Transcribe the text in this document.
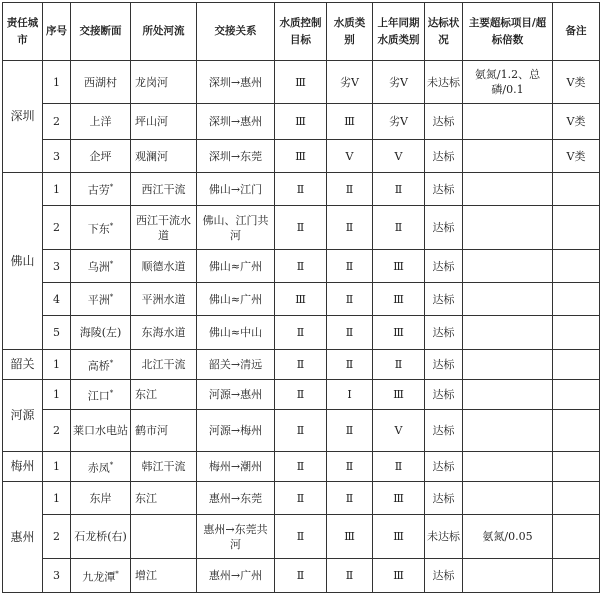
责任城市	序号	交接断面	所处河流	交接关系	水质控制目标	水质类别	上年同期水质类别	达标状况	主要超标项目/超标倍数	备注
深圳	1	西湖村	龙岗河	深圳→惠州	Ⅲ	劣Ⅴ	劣Ⅴ	未达标	氨氮/1.2、总磷/0.1	Ⅴ类
	2	上洋	坪山河	深圳→惠州	Ⅲ	Ⅲ	劣Ⅴ	达标		Ⅴ类
	3	企坪	观澜河	深圳→东莞	Ⅲ	Ⅴ	Ⅴ	达标		Ⅴ类
佛山	1	古劳*	西江干流	佛山→江门	Ⅱ	Ⅱ	Ⅱ	达标		
	2	下东*	西江干流水道	佛山、江门共河	Ⅱ	Ⅱ	Ⅱ	达标		
	3	乌洲*	顺德水道	佛山≈广州	Ⅱ	Ⅱ	Ⅲ	达标		
	4	平洲*	平洲水道	佛山≈广州	Ⅲ	Ⅱ	Ⅲ	达标		
	5	海陵(左)	东海水道	佛山≈中山	Ⅱ	Ⅱ	Ⅲ	达标		
韶关	1	高桥*	北江干流	韶关→清远	Ⅱ	Ⅱ	Ⅱ	达标		
河源	1	江口*	东江	河源→惠州	Ⅱ	Ⅰ	Ⅲ	达标		
	2	莱口水电站	鹤市河	河源→梅州	Ⅱ	Ⅱ	Ⅴ	达标		
梅州	1	赤凤*	韩江干流	梅州→潮州	Ⅱ	Ⅱ	Ⅱ	达标		
惠州	1	东岸	东江	惠州→东莞	Ⅱ	Ⅱ	Ⅲ	达标		
	2	石龙桥(右)		惠州→东莞共河	Ⅱ	Ⅲ	Ⅲ	未达标	氨氮/0.05	
	3	九龙潭*	增江	惠州→广州	Ⅱ	Ⅱ	Ⅲ	达标		
